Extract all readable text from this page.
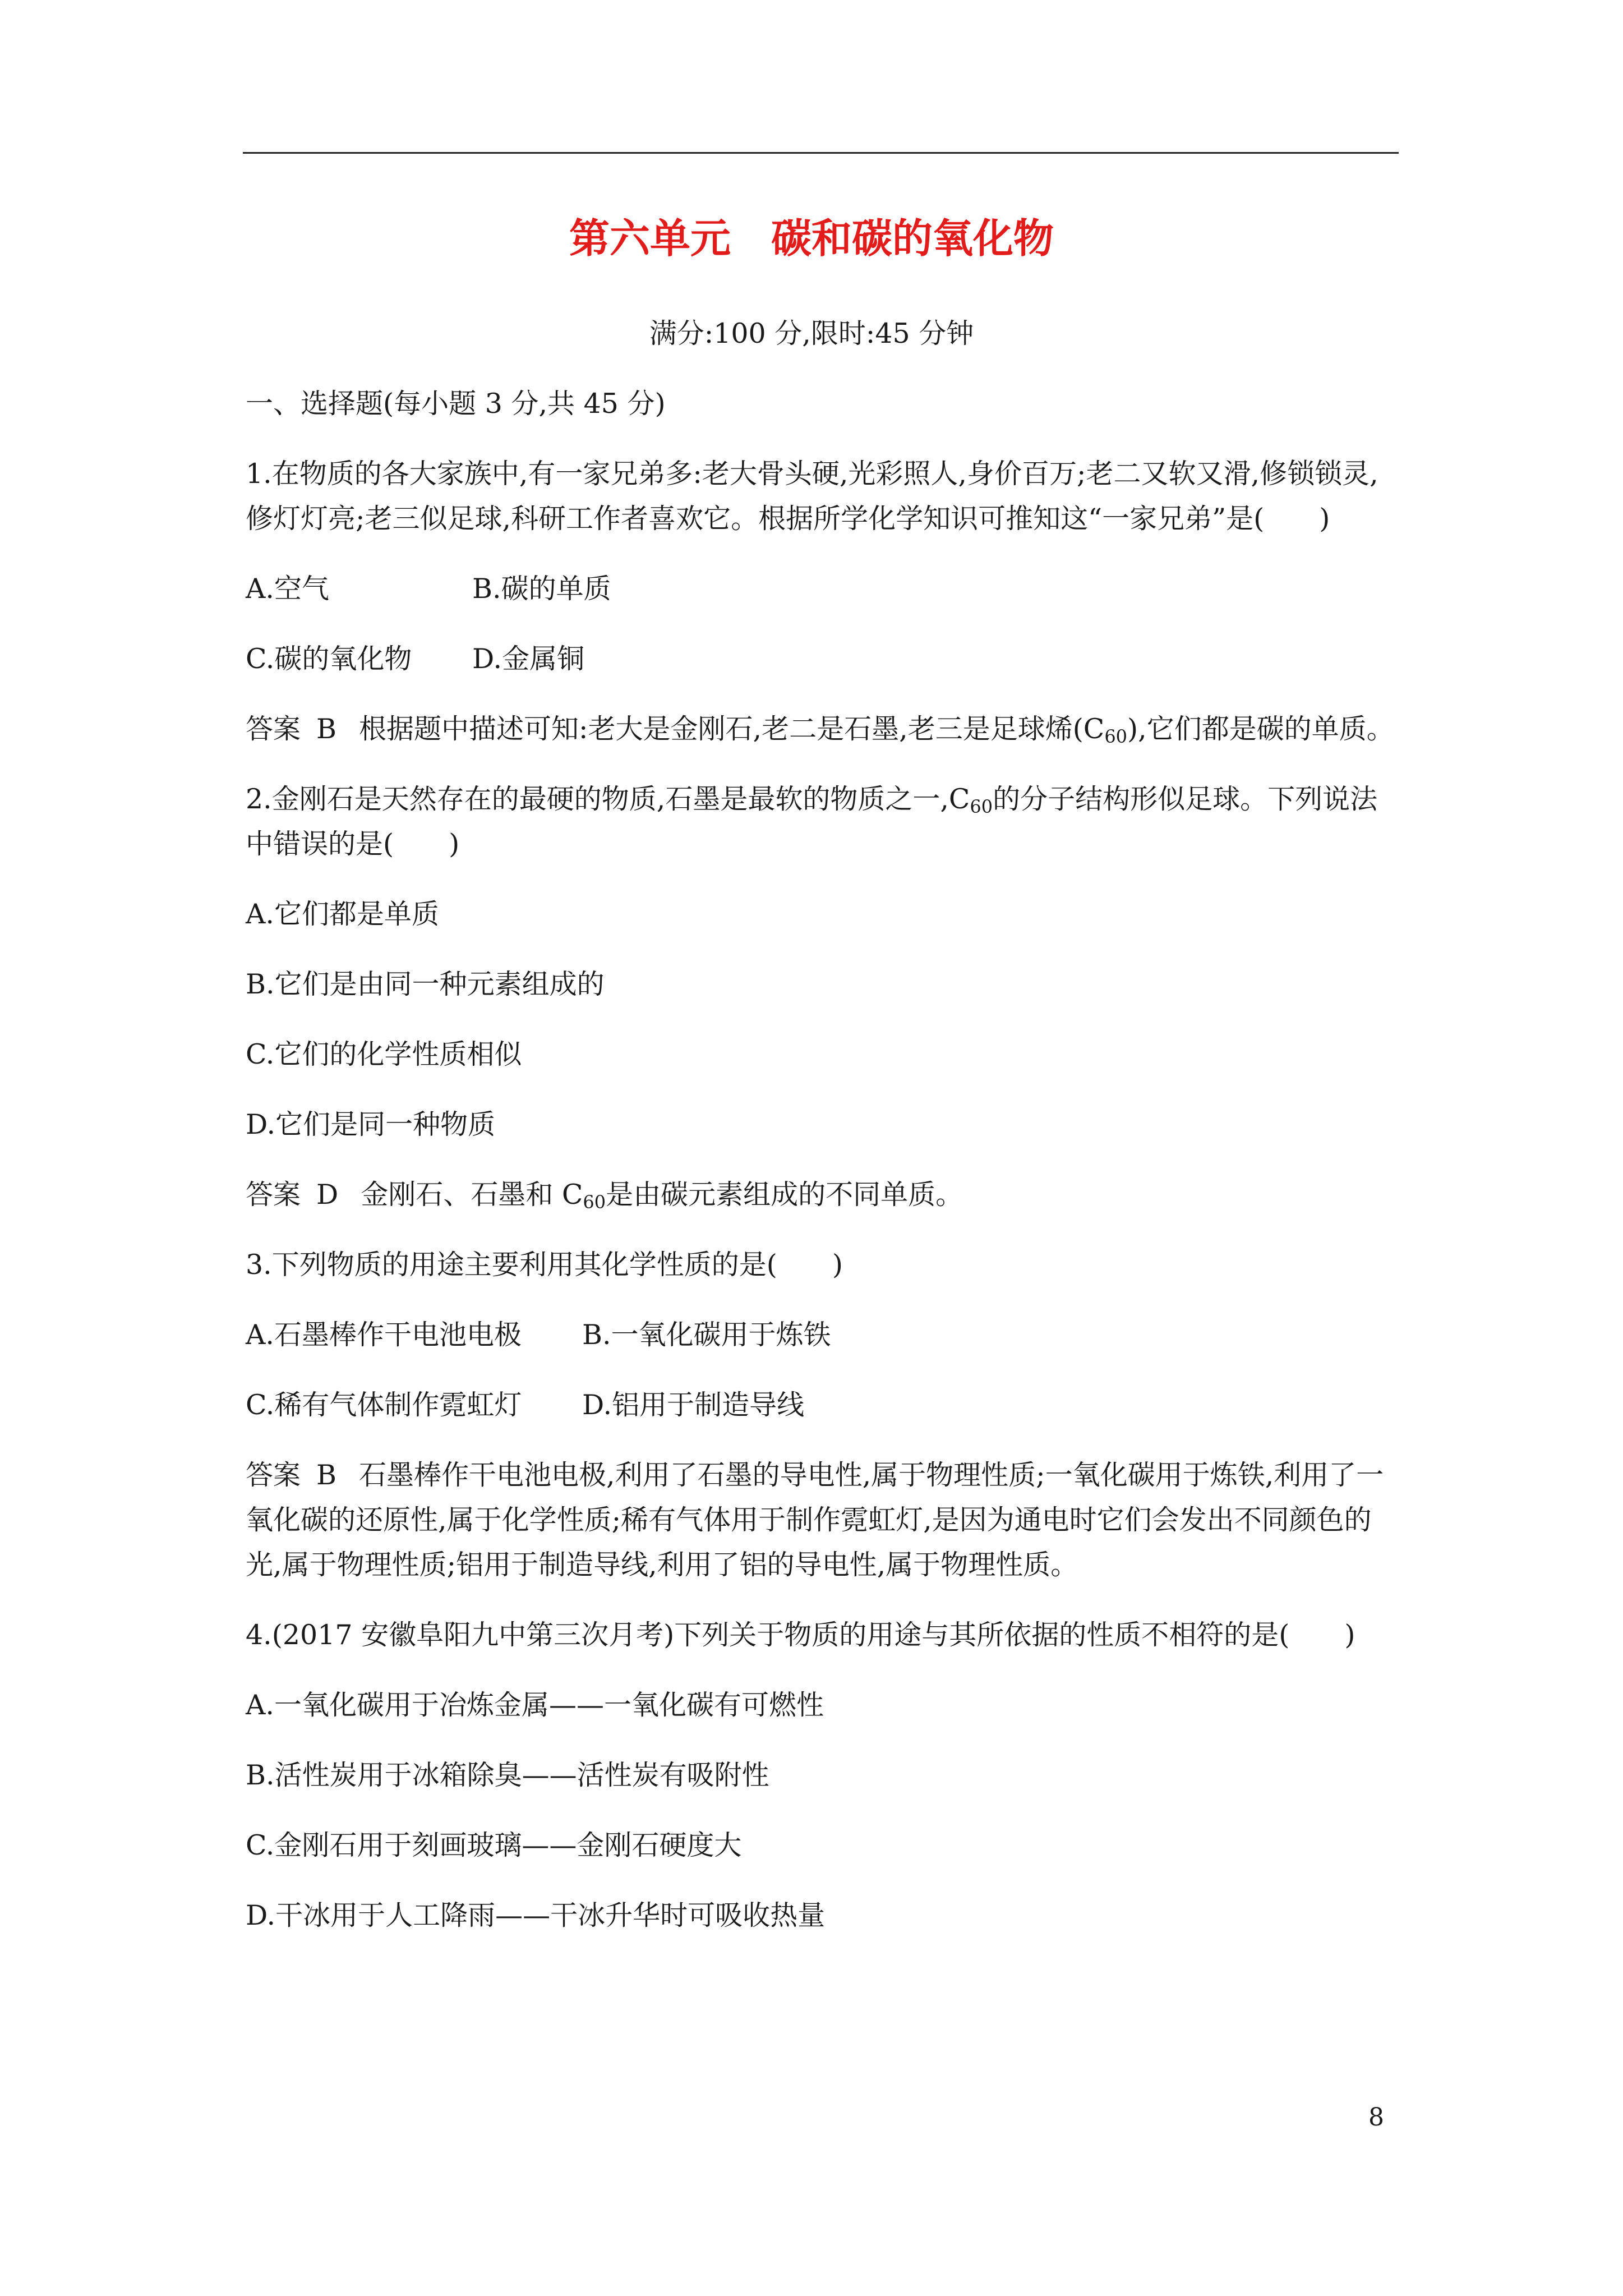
第六单元　碳和碳的氧化物
满分:100 分,限时:45 分钟

一、选择题(每小题 3 分,共 45 分)

1.在物质的各大家族中,有一家兄弟多:老大骨头硬,光彩照人,身价百万;老二又软又滑,修锁锁灵,修灯灯亮;老三似足球,科研工作者喜欢它。根据所学化学知识可推知这“一家兄弟”是(　　)

A.空气	B.碳的单质

C.碳的氧化物 D.金属铜

答案 B 根据题中描述可知:老大是金刚石,老二是石墨,老三是足球烯$(C_{60})$,它们都是碳的单质。

2.金刚石是天然存在的最硬的物质,石墨是最软的物质之一$,C_{60}$的分子结构形似足球。下列说法中错误的是(　　)

A.它们都是单质

B.它们是由同一种元素组成的

C.它们的化学性质相似

D.它们是同一种物质

答案 D 金刚石、石墨和 $C_{60}$是由碳元素组成的不同单质。

3.下列物质的用途主要利用其化学性质的是(　　)

A.石墨棒作干电池电极 B.一氧化碳用于炼铁

C.稀有气体制作霓虹灯 D.铝用于制造导线

答案 B 石墨棒作干电池电极,利用了石墨的导电性,属于物理性质;一氧化碳用于炼铁,利用了一氧化碳的还原性,属于化学性质;稀有气体用于制作霓虹灯,是因为通电时它们会发出不同颜色的光,属于物理性质;铝用于制造导线,利用了铝的导电性,属于物理性质。

4.(2017 安徽阜阳九中第三次月考)下列关于物质的用途与其所依据的性质不相符的是(　　)

A.一氧化碳用于冶炼金属——一氧化碳有可燃性

B.活性炭用于冰箱除臭——活性炭有吸附性

C.金刚石用于刻画玻璃——金刚石硬度大

D.干冰用于人工降雨——干冰升华时可吸收热量

8
